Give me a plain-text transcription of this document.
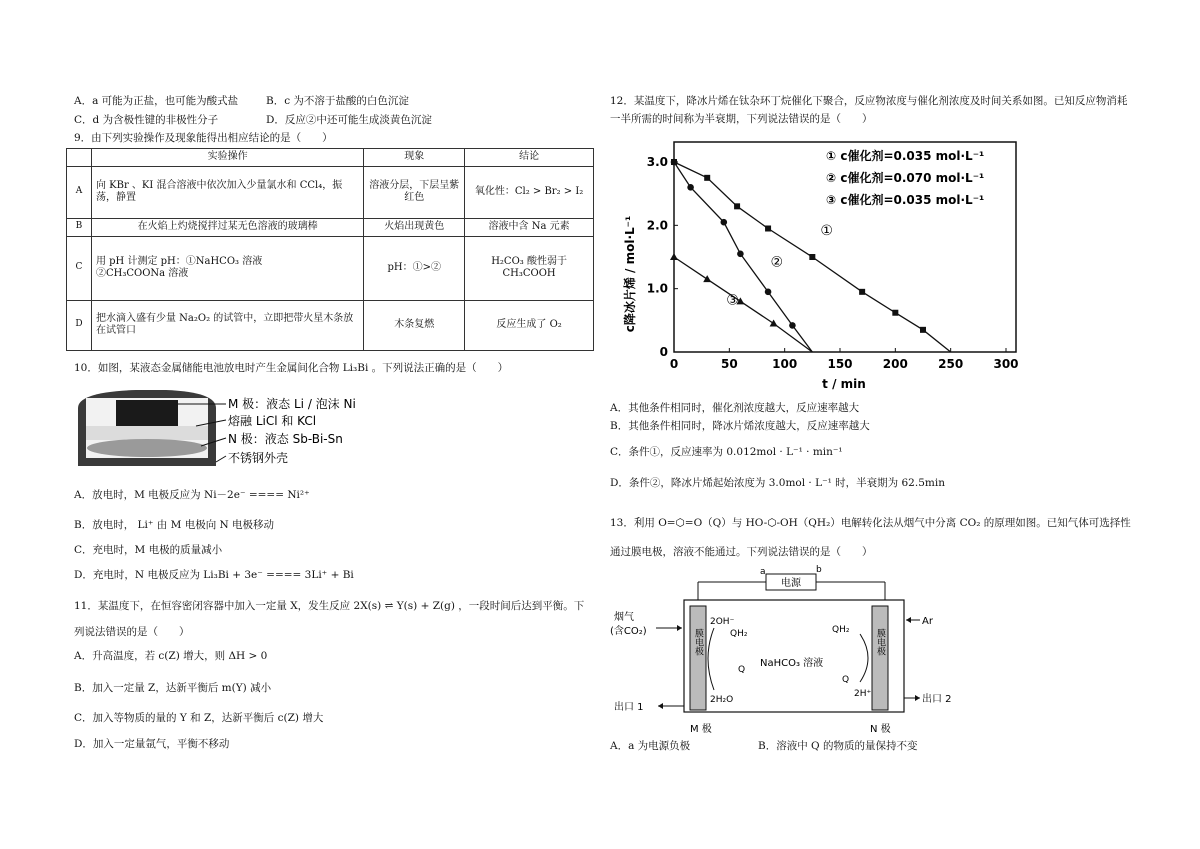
A．a 可能为正盐，也可能为酸式盐	B．c 为不溶于盐酸的白色沉淀
C．d 为含极性键的非极性分子	D．反应②中还可能生成淡黄色沉淀
9．由下列实验操作及现象能得出相应结论的是（　　）
	实验操作	现象	结论
A	向 KBr 、KI 混合溶液中依次加入少量氯水和 CCl₄，振荡，静置	溶液分层，下层呈紫红色	氧化性：Cl₂ > Br₂ > I₂
B	在火焰上灼烧搅拌过某无色溶液的玻璃棒	火焰出现黄色	溶液中含 Na 元素
C	用 pH 计测定 pH：①NaHCO₃ 溶液　　　②CH₃COONa 溶液	pH：①>②	H₂CO₃ 酸性弱于 CH₃COOH
D	把水滴入盛有少量 Na₂O₂ 的试管中，立即把带火星木条放在试管口	木条复燃	反应生成了 O₂
10．如图，某液态金属储能电池放电时产生金属间化合物 Li₃Bi 。下列说法正确的是（　　）
M 极：液态 Li / 泡沫 Ni
熔融 LiCl 和 KCl
N 极：液态 Sb-Bi-Sn
不锈钢外壳
A．放电时，M 电极反应为 Ni－2e⁻ ==== Ni²⁺
B．放电时， Li⁺ 由 M 电极向 N 电极移动
C．充电时，M 电极的质量减小
D．充电时，N 电极反应为 Li₃Bi + 3e⁻ ==== 3Li⁺ + Bi
11．某温度下，在恒容密闭容器中加入一定量 X，发生反应 2X(s) ⇌ Y(s) + Z(g) ，一段时间后达到平衡。下
列说法错误的是（　　）
A．升高温度，若 c(Z) 增大，则 ΔH > 0
B．加入一定量 Z，达新平衡后 m(Y) 减小
C．加入等物质的量的 Y 和 Z，达新平衡后 c(Z) 增大
D．加入一定量氩气，平衡不移动
12．某温度下，降冰片烯在钛杂环丁烷催化下聚合，反应物浓度与催化剂浓度及时间关系如图。已知反应物消耗
一半所需的时间称为半衰期，下列说法错误的是（　　）
0	50	100	150	200	250	300
0
1.0
2.0
3.0
①
②
③
① c催化剂=0.035 mol·L⁻¹
② c催化剂=0.070 mol·L⁻¹
③ c催化剂=0.035 mol·L⁻¹
t / min
c降冰片烯 / mol·L⁻¹
A．其他条件相同时，催化剂浓度越大，反应速率越大
B．其他条件相同时，降冰片烯浓度越大，反应速率越大
C．条件①，反应速率为 0.012mol · L⁻¹ · min⁻¹
D．条件②，降冰片烯起始浓度为 3.0mol · L⁻¹ 时，半衰期为 62.5min
13．利用 O=⬡=O（Q）与 HO-⬡-OH（QH₂）电解转化法从烟气中分离 CO₂ 的原理如图。已知气体可选择性
通过膜电极，溶液不能通过。下列说法错误的是（　　）
电源
a	b
膜电极	膜电极
烟气
(含CO₂)
Ar
出口 1
出口 2
2OH⁻
QH₂
Q
2H₂O
NaHCO₃ 溶液
QH₂
Q
2H⁺
M 极	N 极
A．a 为电源负极	B．溶液中 Q 的物质的量保持不变
